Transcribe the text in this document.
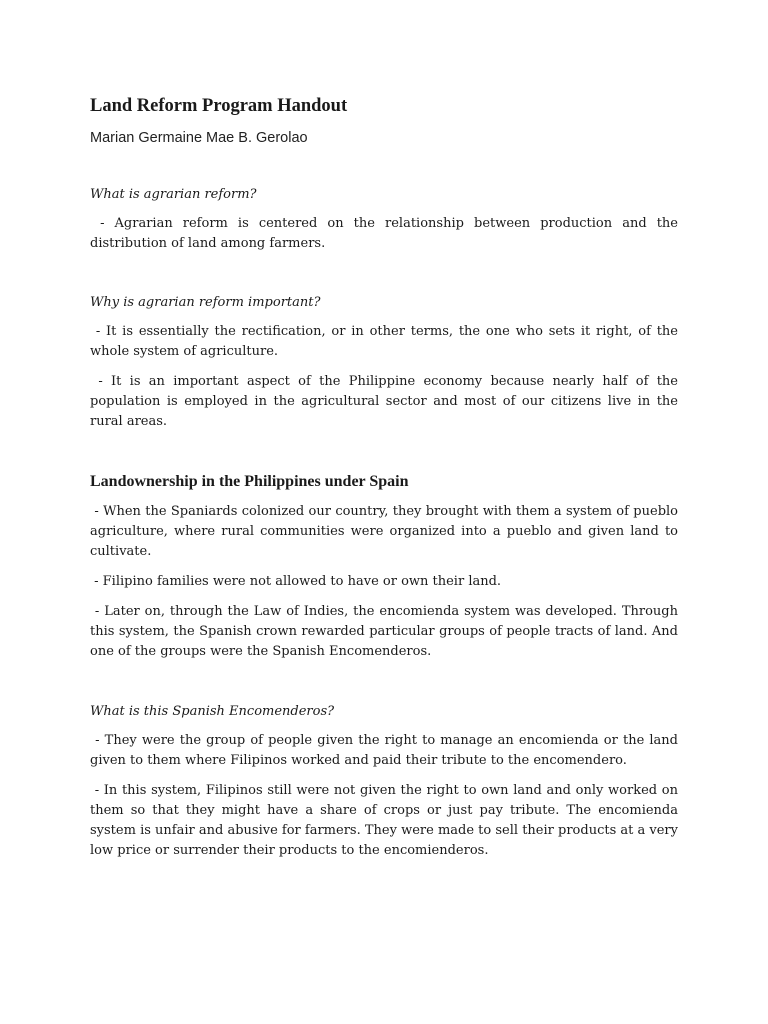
Land Reform Program Handout

Marian Germaine Mae B. Gerolao

What is agrarian reform?

- Agrarian reform is centered on the relationship between production and the distribution of land among farmers.

Why is agrarian reform important?

- It is essentially the rectification, or in other terms, the one who sets it right, of the whole system of agriculture.

- It is an important aspect of the Philippine economy because nearly half of the population is employed in the agricultural sector and most of our citizens live in the rural areas.

Landownership in the Philippines under Spain

- When the Spaniards colonized our country, they brought with them a system of pueblo agriculture, where rural communities were organized into a pueblo and given land to cultivate.

- Filipino families were not allowed to have or own their land.

- Later on, through the Law of Indies, the encomienda system was developed. Through this system, the Spanish crown rewarded particular groups of people tracts of land. And one of the groups were the Spanish Encomenderos.

What is this Spanish Encomenderos?

- They were the group of people given the right to manage an encomienda or the land given to them where Filipinos worked and paid their tribute to the encomendero.

- In this system, Filipinos still were not given the right to own land and only worked on them so that they might have a share of crops or just pay tribute. The encomienda system is unfair and abusive for farmers. They were made to sell their products at a very low price or surrender their products to the encomienderos.
